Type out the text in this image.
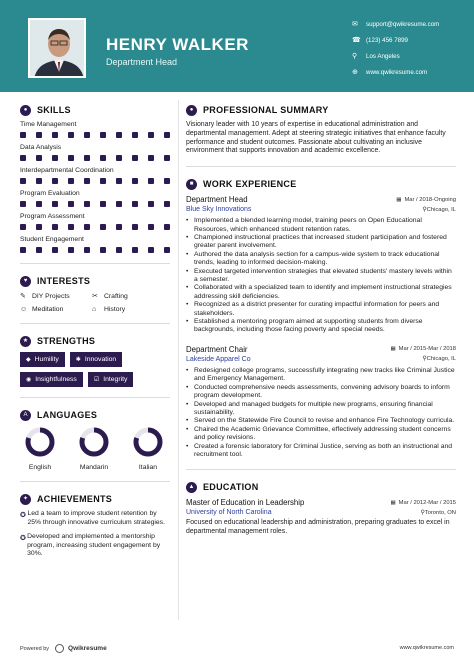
HENRY WALKER
Department Head
✉	support@qwikresume.com
☎ (123) 456 7899
⚲	Los Angeles
⊕	www.qwikresume.com
●	SKILLS
Time Management
Data Analysis
Interdepartmental Coordination
Program Evaluation
Program Assessment
Student Engagement
♥	INTERESTS
✎ DIY Projects	✂ Crafting
☺ Meditation	⌂	History
★ STRENGTHS
◆ Humility	✱ Innovation
◉ Insightfulness	☑ Integrity
A	LANGUAGES
English	Mandarin	Italian
✦ ACHIEVEMENTS
✪ Led a team to improve student retention by 25% through innovative curriculum strategies.
✪ Developed and implemented a mentorship program, increasing student engagement by 30%.
●	PROFESSIONAL SUMMARY
Visionary leader with 10 years of expertise in educational administration and departmental management. Adept at steering strategic initiatives that enhance faculty performance and student outcomes. Passionate about cultivating an inclusive environment that supports innovation and academic excellence.
■	WORK EXPERIENCE
Department Head	▦ Mar / 2018-Ongoing
Blue Sky Innovations	⚲Chicago, IL
• Implemented a blended learning model, training peers on Open Educational Resources, which enhanced student retention rates.
• Championed instructional practices that increased student participation and fostered greater parent involvement.
• Authored the data analysis section for a campus-wide system to track educational trends, leading to informed decision-making.
• Executed targeted intervention strategies that elevated students' mastery levels within a semester.
• Collaborated with a specialized team to identify and implement instructional strategies addressing skill deficiencies.
• Recognized as a district presenter for curating impactful information for peers and stakeholders.
• Established a mentoring program aimed at supporting students from diverse backgrounds, including those facing poverty and special needs.
Department Chair	▦ Mar / 2015-Mar / 2018
Lakeside Apparel Co	⚲Chicago, IL
• Redesigned college programs, successfully integrating new tracks like Criminal Justice and Emergency Management.
• Conducted comprehensive needs assessments, convening advisory boards to inform program development.
• Developed and managed budgets for multiple new programs, ensuring financial sustainability.
• Served on the Statewide Fire Council to revise and enhance Fire Technology curricula.
• Chaired the Academic Grievance Committee, effectively addressing student concerns and policy revisions.
• Created a forensic laboratory for Criminal Justice, serving as both an instructional and recruitment tool.
▲ EDUCATION
Master of Education in Leadership	▦ Mar / 2012-Mar / 2015
University of North Carolina	⚲Toronto, ON
Focused on educational leadership and administration, preparing graduates to excel in departmental management roles.
Powered by	Qwikresume	www.qwikresume.com
